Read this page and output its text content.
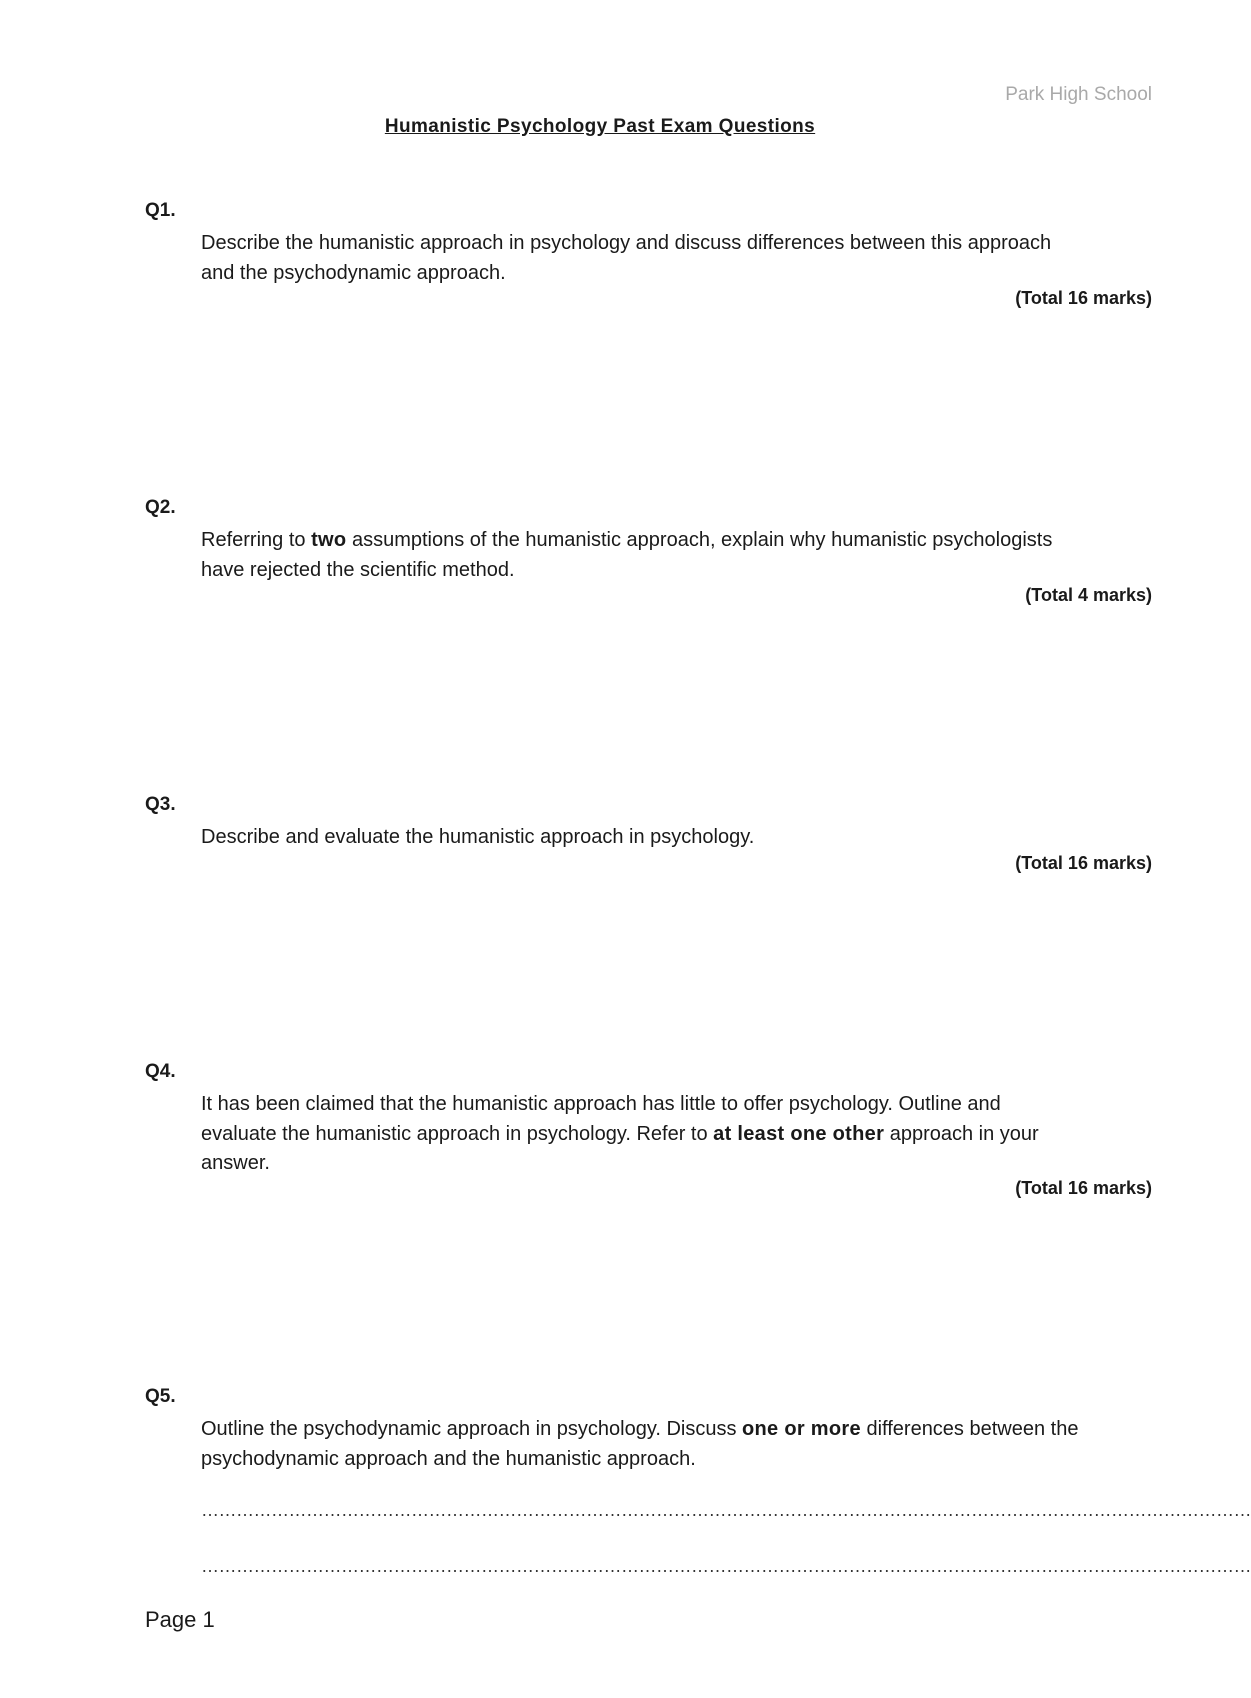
Park High School
Humanistic Psychology Past Exam Questions
Q1.
Describe the humanistic approach in psychology and discuss differences between this approach and the psychodynamic approach.
(Total 16 marks)
Q2.
Referring to two assumptions of the humanistic approach, explain why humanistic psychologists have rejected the scientific method.
(Total 4 marks)
Q3.
Describe and evaluate the humanistic approach in psychology.
(Total 16 marks)
Q4.
It has been claimed that the humanistic approach has little to offer psychology. Outline and evaluate the humanistic approach in psychology. Refer to at least one other approach in your answer.
(Total 16 marks)
Q5.
Outline the psychodynamic approach in psychology. Discuss one or more differences between the psychodynamic approach and the humanistic approach.
………………………………………………………………………………………………………………………………………………………………
………………………………………………………………………………………………………………………………………………………………
Page 1
